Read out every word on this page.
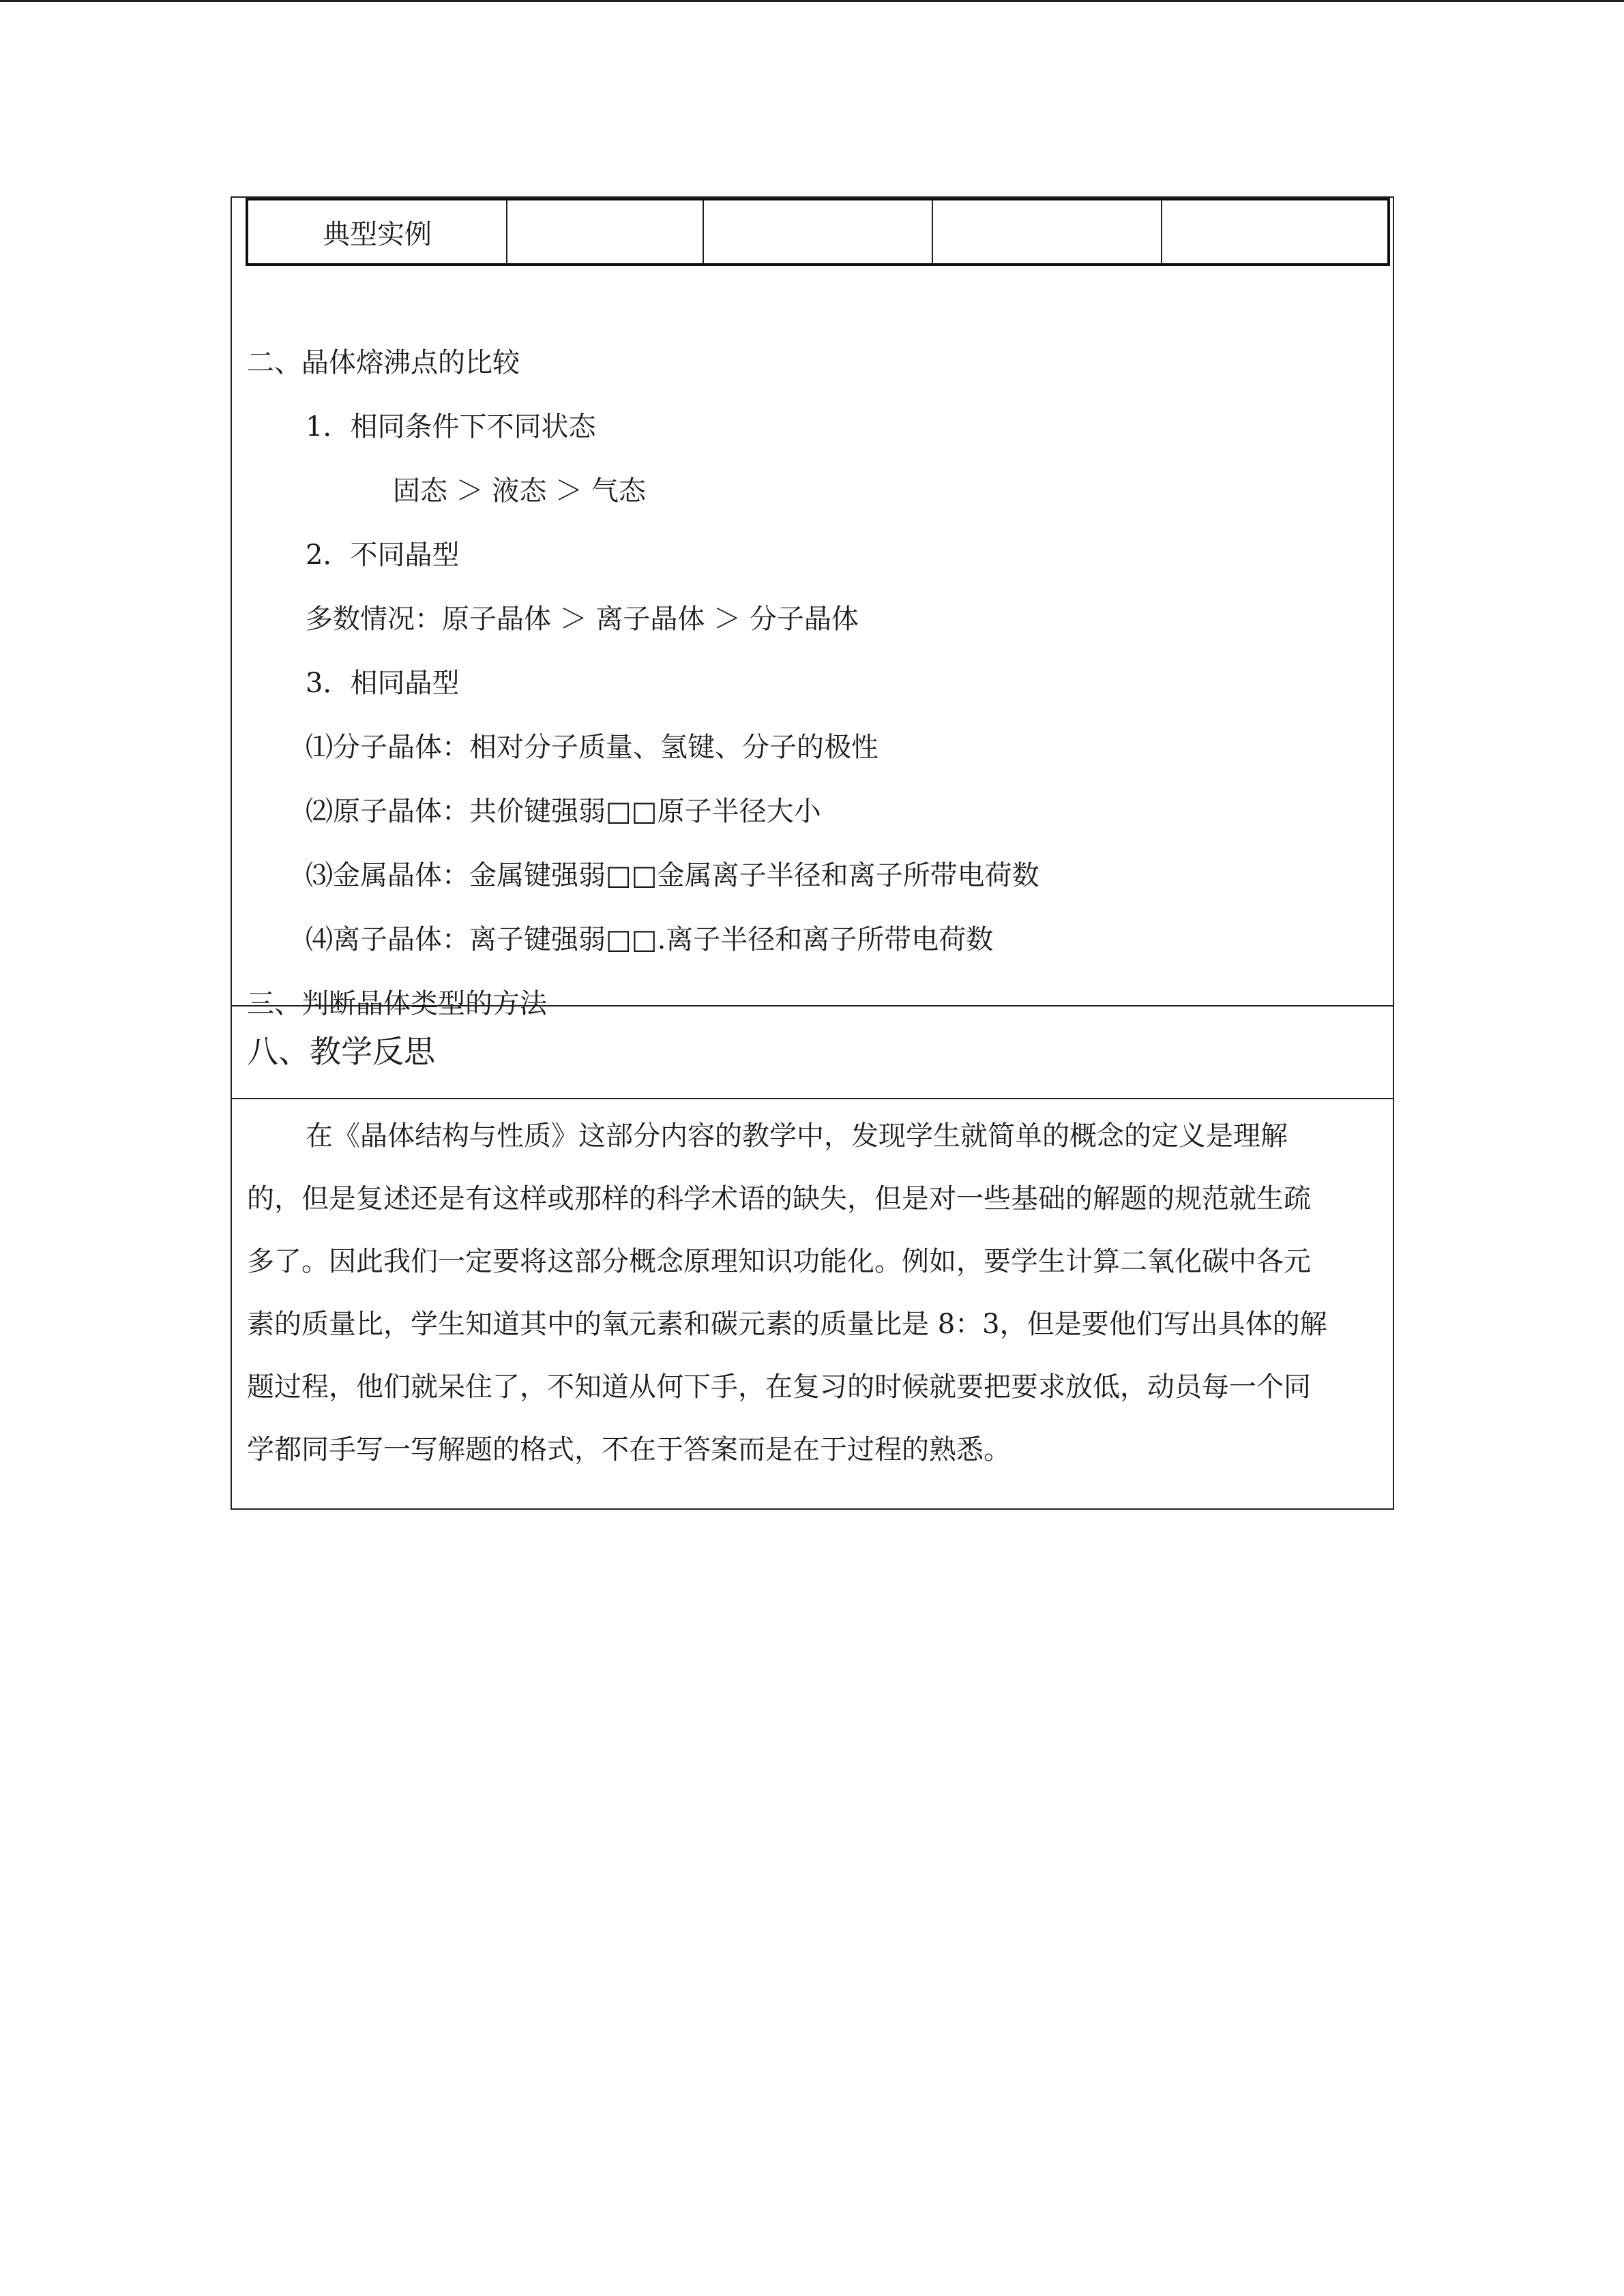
典型实例
二、晶体熔沸点的比较
1．相同条件下不同状态
固态 ＞ 液态 ＞ 气态
2．不同晶型
多数情况：原子晶体 ＞ 离子晶体 ＞ 分子晶体
3．相同晶型
⑴分子晶体：相对分子质量、氢键、分子的极性
⑵原子晶体：共价键强弱□□原子半径大小
⑶金属晶体：金属键强弱□□金属离子半径和离子所带电荷数
⑷离子晶体：离子键强弱□□.离子半径和离子所带电荷数
三、判断晶体类型的方法
八、教学反思
在《晶体结构与性质》这部分内容的教学中，发现学生就简单的概念的定义是理解
的，但是复述还是有这样或那样的科学术语的缺失，但是对一些基础的解题的规范就生疏
多了。因此我们一定要将这部分概念原理知识功能化。例如，要学生计算二氧化碳中各元
素的质量比，学生知道其中的氧元素和碳元素的质量比是 8：3，但是要他们写出具体的解
题过程，他们就呆住了，不知道从何下手，在复习的时候就要把要求放低，动员每一个同
学都同手写一写解题的格式，不在于答案而是在于过程的熟悉。
